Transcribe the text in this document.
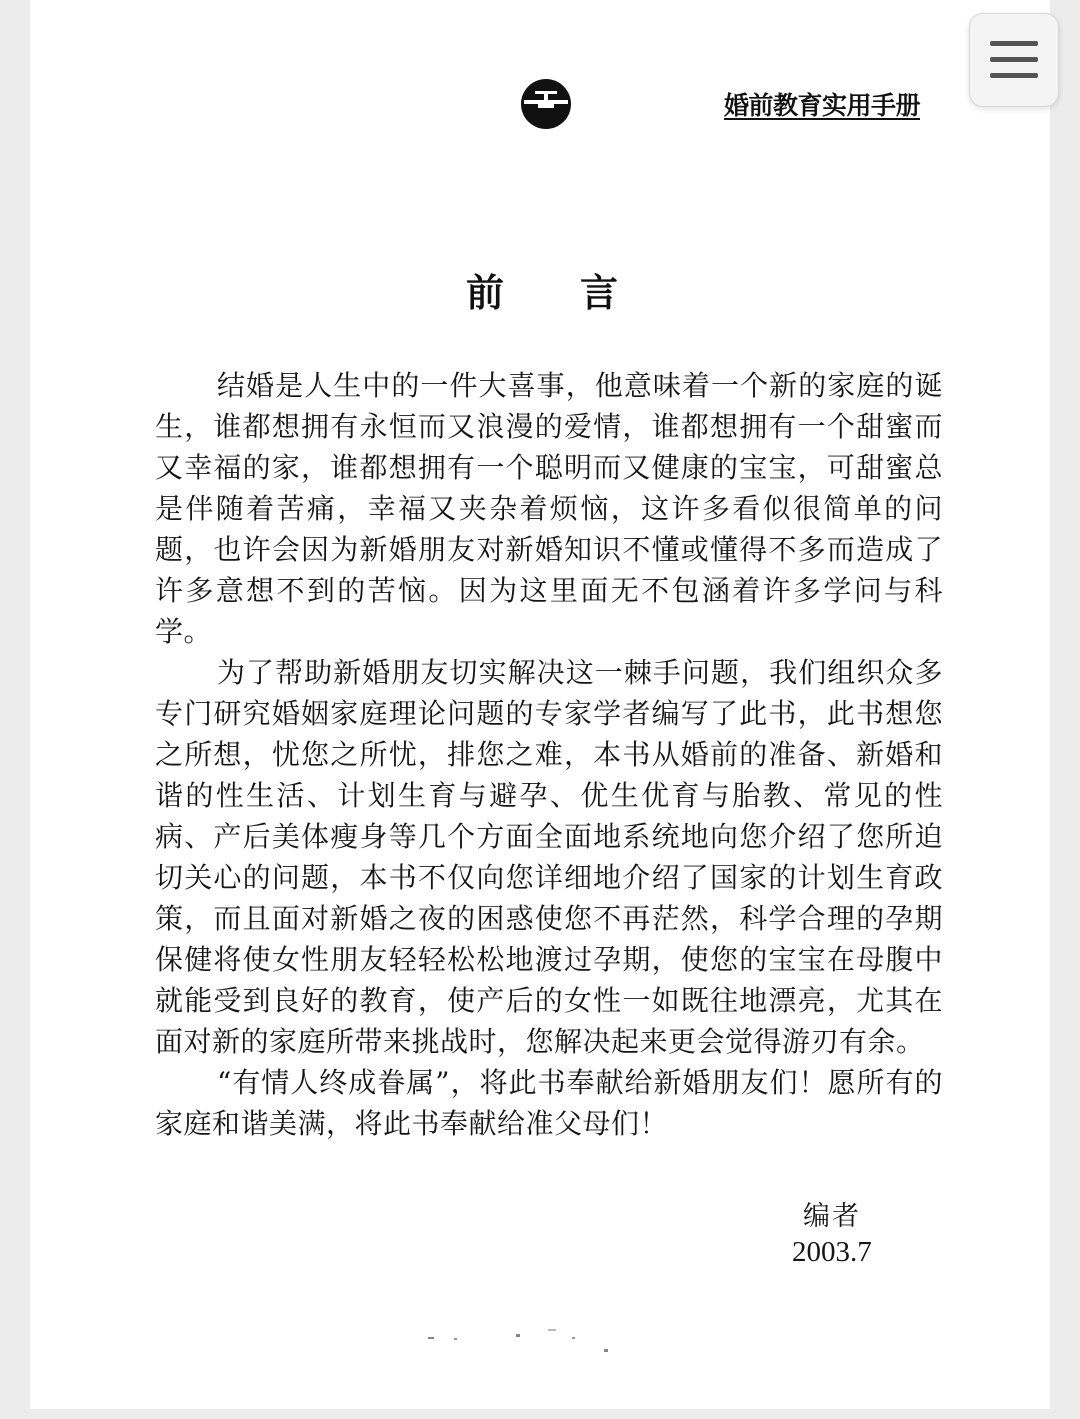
婚前教育实用手册
前言

结婚是人生中的一件大喜事，他意味着一个新的家庭的诞生，谁都想拥有永恒而又浪漫的爱情，谁都想拥有一个甜蜜而又幸福的家，谁都想拥有一个聪明而又健康的宝宝，可甜蜜总是伴随着苦痛，幸福又夹杂着烦恼，这许多看似很简单的问题，也许会因为新婚朋友对新婚知识不懂或懂得不多而造成了许多意想不到的苦恼。因为这里面无不包涵着许多学问与科学。

为了帮助新婚朋友切实解决这一棘手问题，我们组织众多专门研究婚姻家庭理论问题的专家学者编写了此书，此书想您之所想，忧您之所忧，排您之难，本书从婚前的准备、新婚和谐的性生活、计划生育与避孕、优生优育与胎教、常见的性病、产后美体瘦身等几个方面全面地系统地向您介绍了您所迫切关心的问题，本书不仅向您详细地介绍了国家的计划生育政策，而且面对新婚之夜的困惑使您不再茫然，科学合理的孕期保健将使女性朋友轻轻松松地渡过孕期，使您的宝宝在母腹中就能受到良好的教育，使产后的女性一如既往地漂亮，尤其在面对新的家庭所带来挑战时，您解决起来更会觉得游刃有余。

“有情人终成眷属”，将此书奉献给新婚朋友们！愿所有的家庭和谐美满，将此书奉献给准父母们！

编者
2003.7
